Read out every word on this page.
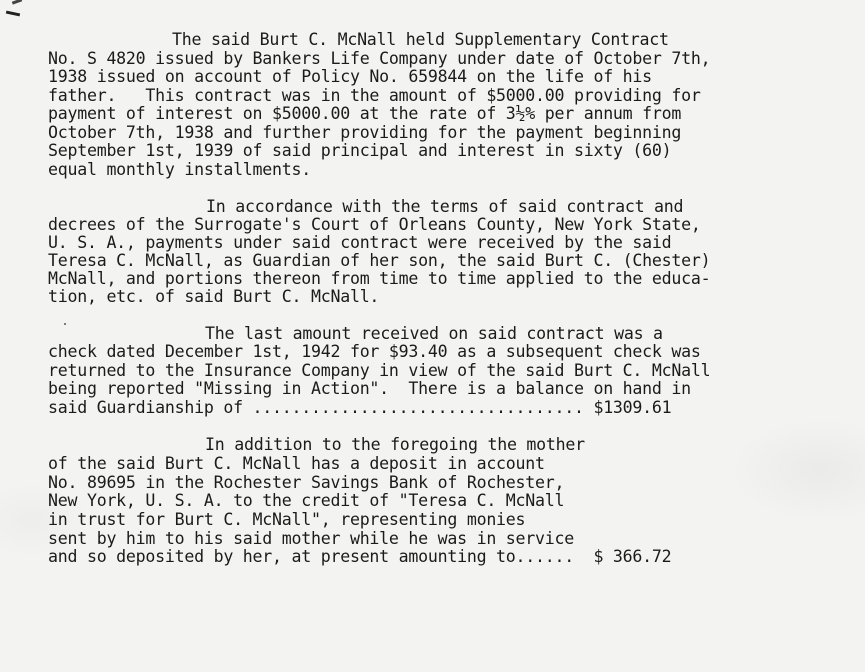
The said Burt C. McNall held Supplementary Contract
No. S 4820 issued by Bankers Life Company under date of October 7th,
1938 issued on account of Policy No. 659844 on the life of his
father.   This contract was in the amount of $5000.00 providing for
payment of interest on $5000.00 at the rate of 3½% per annum from
October 7th, 1938 and further providing for the payment beginning
September 1st, 1939 of said principal and interest in sixty (60)
equal monthly installments.
In accordance with the terms of said contract and
decrees of the Surrogate's Court of Orleans County, New York State,
U. S. A., payments under said contract were received by the said
Teresa C. McNall, as Guardian of her son, the said Burt C. (Chester)
McNall, and portions thereon from time to time applied to the educa-
tion, etc. of said Burt C. McNall.
The last amount received on said contract was a
check dated December 1st, 1942 for $93.40 as a subsequent check was
returned to the Insurance Company in view of the said Burt C. McNall
being reported "Missing in Action".  There is a balance on hand in
said Guardianship of .................................. $1309.61
In addition to the foregoing the mother
of the said Burt C. McNall has a deposit in account
No. 89695 in the Rochester Savings Bank of Rochester,
New York, U. S. A. to the credit of "Teresa C. McNall
in trust for Burt C. McNall", representing monies
sent by him to his said mother while he was in service
and so deposited by her, at present amounting to......  $ 366.72
